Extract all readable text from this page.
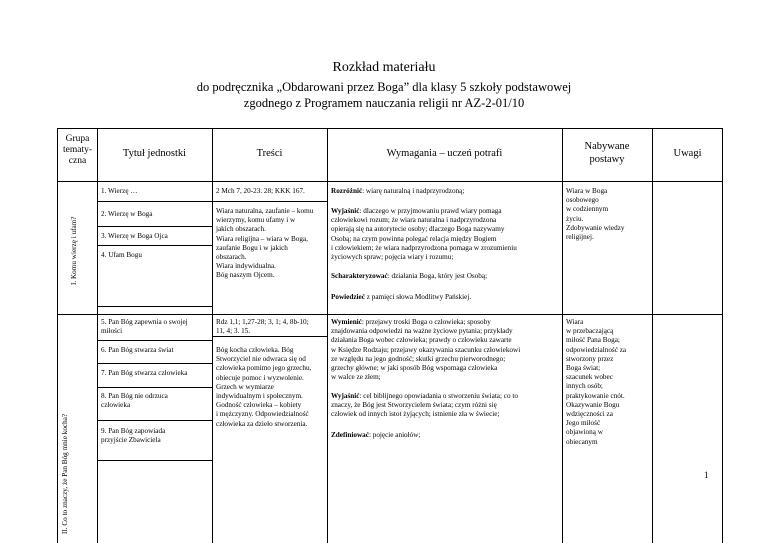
Rozkład materiału
do podręcznika „Obdarowani przez Boga” dla klasy 5 szkoły podstawowej
zgodnego z Programem nauczania religii nr AZ-2-01/10
Grupa tematy-czna
Tytuł jednostki	Treści	Wymagania – uczeń potrafi
Nabywane postawy
Uwagi
I. Komu wierzę i ufam?
1. Wierzę …
2. Wierzę w Boga
3. Wierzę w Boga Ojca
4. Ufam Bogu
2 Mch 7, 20-23. 28; KKK 167.
Wiara naturalna, zaufanie – komu
wierzymy, komu ufamy i w
jakich obszarach.
Wiara religijna – wiara w Boga,
zaufanie Bogu i w jakich
obszarach.
Wiara indywidualna.
Bóg naszym Ojcem.
Rozróżnić: wiarę naturalną i nadprzyrodzoną;
Wyjaśnić: dlaczego w przyjmowaniu prawd wiary pomaga
człowiekowi rozum; że wiara naturalna i nadprzyrodzona
opierają się na autorytecie osoby; dlaczego Boga nazywamy
Osobą; na czym powinna polegać relacja między Bogiem
i człowiekiem; że wiara nadprzyrodzona pomaga w zrozumieniu
życiowych spraw; pojęcia wiary i rozumu;
Scharakteryzować: działania Boga, który jest Osobą;
Powiedzieć z pamięci słowa Modlitwy Pańskiej.
Wiara w Boga
osobowego
w codziennym
życiu.
Zdobywanie wiedzy
religijnej.
II. Co to znaczy, że Pan Bóg mnie kocha?
5. Pan Bóg zapewnia o swojej
miłości
6. Pan Bóg stwarza świat
7. Pan Bóg stwarza człowieka
8. Pan Bóg nie odrzuca
człowieka
9. Pan Bóg zapowiada
przyjście Zbawiciela
Rdz 1,1; 1,27-28; 3, 1; 4, 8b-10;
11, 4; 3. 15.
Bóg kocha człowieka. Bóg
Stworzyciel nie odwraca się od
człowieka pomimo jego grzechu,
obiecuje pomoc i wyzwolenie.
Grzech w wymiarze
indywidualnym i społecznym.
Godność człowieka – kobiety
i mężczyzny. Odpowiedzialność
człowieka za dzieło stworzenia.
Wymienić: przejawy troski Boga o człowieka; sposoby
znajdowania odpowiedzi na ważne życiowe pytania; przykłady
działania Boga wobec człowieka; prawdy o człowieku zawarte
w Księdze Rodzaju; przejawy okazywania szacunku człowiekowi
ze względu na jego godność; skutki grzechu pierworodnego;
grzechy główne; w jaki sposób Bóg wspomaga człowieka
w walce ze złem;
Wyjaśnić: cel biblijnego opowiadania o stworzeniu świata; co to
znaczy, że Bóg jest Stworzycielem świata; czym różni się
człowiek od innych istot żyjących; istnienie zła w świecie;
Zdefiniować: pojęcie aniołów;
Wiara
w przebaczającą
miłość Pana Boga;
odpowiedzialność za
stworzony przez
Boga świat;
szacunek wobec
innych osób;
praktykowanie cnót.
Okazywanie Bogu
wdzięczności za
Jego miłość
objawioną w
obiecanym
1
